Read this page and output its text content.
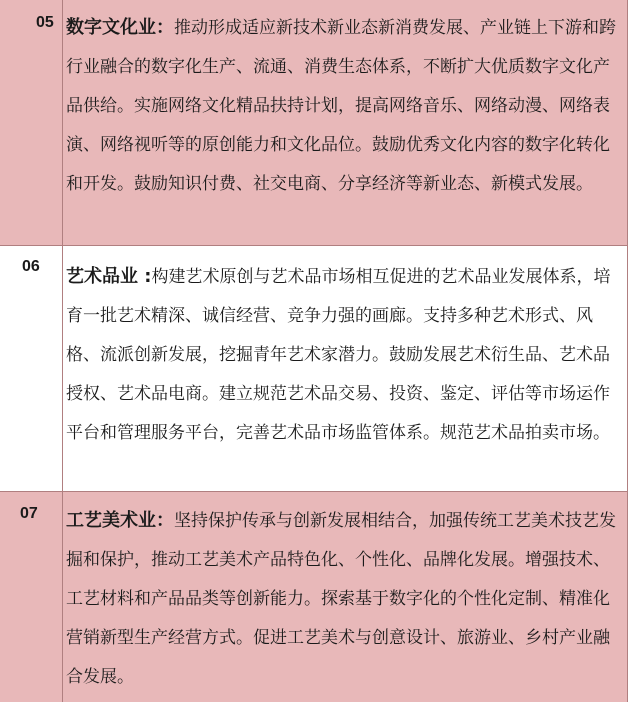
05 数字文化业：推动形成适应新技术新业态新消费发展、产业链上下游和跨行业融合的数字化生产、流通、消费生态体系，不断扩大优质数字文化产品供给。实施网络文化精品扶持计划，提高网络音乐、网络动漫、网络表演、网络视听等的原创能力和文化品位。鼓励优秀文化内容的数字化转化和开发。鼓励知识付费、社交电商、分享经济等新业态、新模式发展。
06 艺术品业 :构建艺术原创与艺术品市场相互促进的艺术品业发展体系，培育一批艺术精深、诚信经营、竞争力强的画廊。支持多种艺术形式、风格、流派创新发展，挖掘青年艺术家潜力。鼓励发展艺术衍生品、艺术品授权、艺术品电商。建立规范艺术品交易、投资、鉴定、评估等市场运作平台和管理服务平台，完善艺术品市场监管体系。规范艺术品拍卖市场。
07 工艺美术业：坚持保护传承与创新发展相结合，加强传统工艺美术技艺发掘和保护，推动工艺美术产品特色化、个性化、品牌化发展。增强技术、工艺材料和产品品类等创新能力。探索基于数字化的个性化定制、精准化营销新型生产经营方式。促进工艺美术与创意设计、旅游业、乡村产业融合发展。
